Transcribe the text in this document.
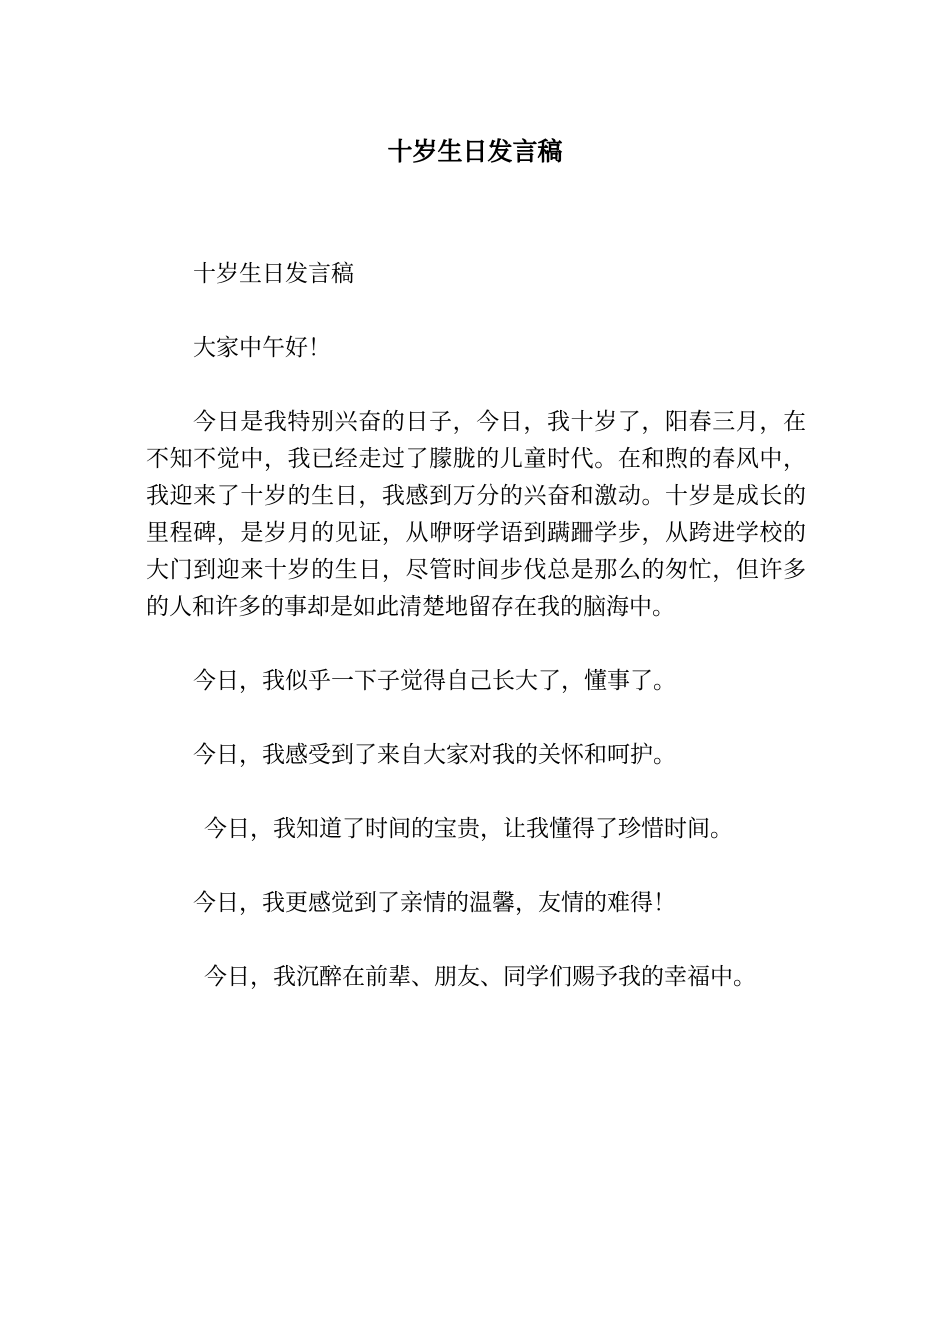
十岁生日发言稿

十岁生日发言稿

大家中午好！

今日是我特别兴奋的日子，今日，我十岁了，阳春三月，在不知不觉中，我已经走过了朦胧的儿童时代。在和煦的春风中，我迎来了十岁的生日，我感到万分的兴奋和激动。十岁是成长的里程碑，是岁月的见证，从咿呀学语到蹒跚学步，从跨进学校的大门到迎来十岁的生日，尽管时间步伐总是那么的匆忙，但许多的人和许多的事却是如此清楚地留存在我的脑海中。

今日，我似乎一下子觉得自己长大了，懂事了。

今日，我感受到了来自大家对我的关怀和呵护。

今日，我知道了时间的宝贵，让我懂得了珍惜时间。

今日，我更感觉到了亲情的温馨，友情的难得！

今日，我沉醉在前辈、朋友、同学们赐予我的幸福中。
